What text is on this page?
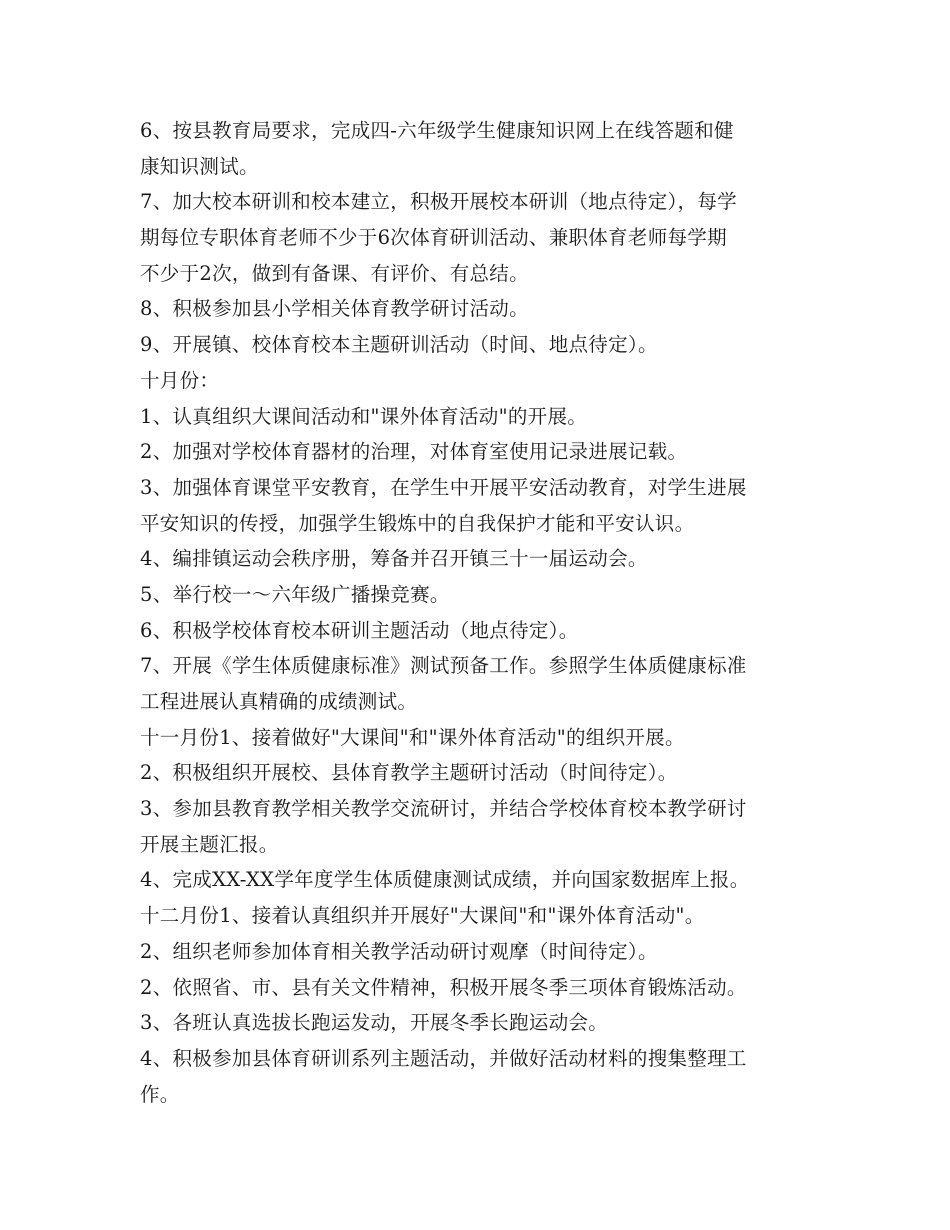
6、按县教育局要求，完成四-六年级学生健康知识网上在线答题和健
康知识测试。
7、加大校本研训和校本建立，积极开展校本研训（地点待定），每学
期每位专职体育老师不少于6次体育研训活动、兼职体育老师每学期
不少于2次，做到有备课、有评价、有总结。
8、积极参加县小学相关体育教学研讨活动。
9、开展镇、校体育校本主题研训活动（时间、地点待定）。
十月份：
1、认真组织大课间活动和"课外体育活动"的开展。
2、加强对学校体育器材的治理，对体育室使用记录进展记载。
3、加强体育课堂平安教育，在学生中开展平安活动教育，对学生进展
平安知识的传授，加强学生锻炼中的自我保护才能和平安认识。
4、编排镇运动会秩序册，筹备并召开镇三十一届运动会。
5、举行校一～六年级广播操竞赛。
6、积极学校体育校本研训主题活动（地点待定）。
7、开展《学生体质健康标准》测试预备工作。参照学生体质健康标准
工程进展认真精确的成绩测试。
十一月份1、接着做好"大课间"和"课外体育活动"的组织开展。
2、积极组织开展校、县体育教学主题研讨活动（时间待定）。
3、参加县教育教学相关教学交流研讨，并结合学校体育校本教学研讨
开展主题汇报。
4、完成XX-XX学年度学生体质健康测试成绩，并向国家数据库上报。
十二月份1、接着认真组织并开展好"大课间"和"课外体育活动"。
2、组织老师参加体育相关教学活动研讨观摩（时间待定）。
2、依照省、市、县有关文件精神，积极开展冬季三项体育锻炼活动。
3、各班认真选拔长跑运发动，开展冬季长跑运动会。
4、积极参加县体育研训系列主题活动，并做好活动材料的搜集整理工
作。
